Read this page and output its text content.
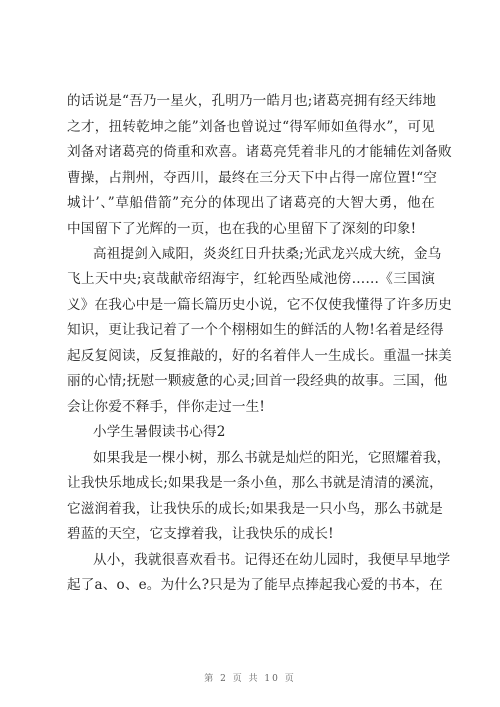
的话说是“吾乃一星火，孔明乃一皓月也;诸葛亮拥有经天纬地
之才，扭转乾坤之能”刘备也曾说过“得军师如鱼得水”，可见
刘备对诸葛亮的倚重和欢喜。诸葛亮凭着非凡的才能辅佐刘备败
曹操，占荆州，夺西川，最终在三分天下中占得一席位置!“空
城计’、”草船借箭”充分的体现出了诸葛亮的大智大勇，他在
中国留下了光辉的一页，也在我的心里留下了深刻的印象!
高祖提剑入咸阳，炎炎红日升扶桑;光武龙兴成大统，金乌
飞上天中央;哀哉献帝绍海宇，红轮西坠咸池傍……《三国演
义》在我心中是一篇长篇历史小说，它不仅使我懂得了许多历史
知识，更让我记着了一个个栩栩如生的鲜活的人物!名着是经得
起反复阅读，反复推敲的，好的名着伴人一生成长。重温一抹美
丽的心情;抚慰一颗疲惫的心灵;回首一段经典的故事。三国，他
会让你爱不释手，伴你走过一生!
小学生暑假读书心得2
如果我是一棵小树，那么书就是灿烂的阳光，它照耀着我，
让我快乐地成长;如果我是一条小鱼，那么书就是清清的溪流，
它滋润着我，让我快乐的成长;如果我是一只小鸟，那么书就是
碧蓝的天空，它支撑着我，让我快乐的成长!
从小，我就很喜欢看书。记得还在幼儿园时，我便早早地学
起了a、o、e。为什么?只是为了能早点捧起我心爱的书本，在
第 2 页 共 10 页
